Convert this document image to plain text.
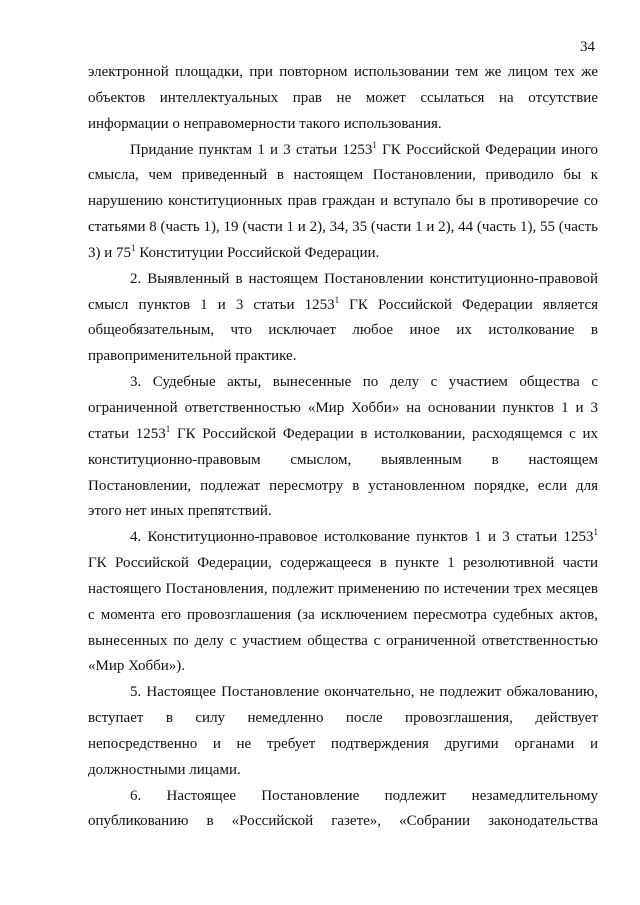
34

электронной площадки, при повторном использовании тем же лицом тех же объектов интеллектуальных прав не может ссылаться на отсутствие информации о неправомерности такого использования.

Придание пунктам 1 и 3 статьи 1253$^1$ ГК Российской Федерации иного смысла, чем приведенный в настоящем Постановлении, приводило бы к нарушению конституционных прав граждан и вступало бы в противоречие со статьями 8 (часть 1), 19 (части 1 и 2), 34, 35 (части 1 и 2), 44 (часть 1), 55 (часть 3) и $75^1$ Конституции Российской Федерации.

2. Выявленный в настоящем Постановлении конституционно-правовой смысл пунктов 1 и 3 статьи 1253$^1$ ГК Российской Федерации является общеобязательным, что исключает любое иное их истолкование в правоприменительной практике.

3. Судебные акты, вынесенные по делу с участием общества с ограниченной ответственностью «Мир Хобби» на основании пунктов 1 и 3 статьи 1253$^1$ ГК Российской Федерации в истолковании, расходящемся с их конституционно-правовым смыслом, выявленным в настоящем Постановлении, подлежат пересмотру в установленном порядке, если для этого нет иных препятствий.

4. Конституционно-правовое истолкование пунктов 1 и 3 статьи 1253$^1$ ГК Российской Федерации, содержащееся в пункте 1 резолютивной части настоящего Постановления, подлежит применению по истечении трех месяцев с момента его провозглашения (за исключением пересмотра судебных актов, вынесенных по делу с участием общества с ограниченной ответственностью «Мир Хобби»).

5. Настоящее Постановление окончательно, не подлежит обжалованию, вступает в силу немедленно после провозглашения, действует непосредственно и не требует подтверждения другими органами и должностными лицами.

6. Настоящее Постановление подлежит незамедлительному опубликованию в «Российской газете», «Собрании законодательства
